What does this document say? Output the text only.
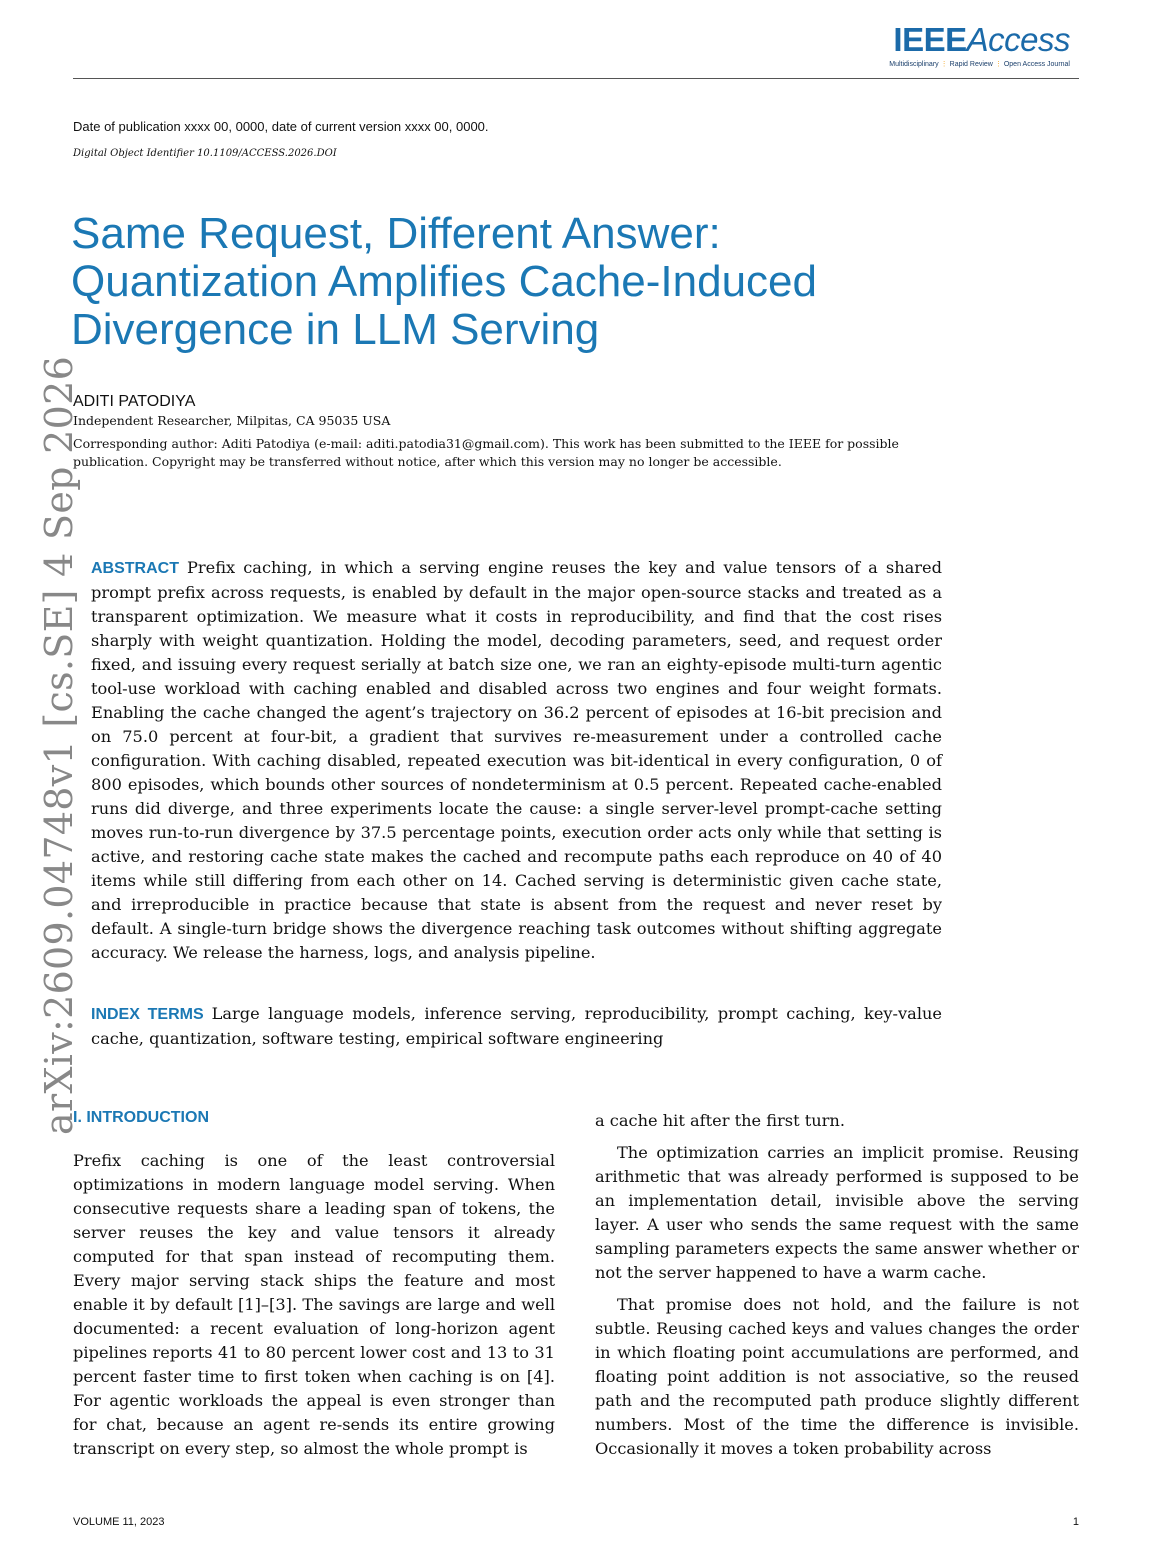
IEEEAccess
Multidisciplinary ⋮ Rapid Review ⋮ Open Access Journal
Date of publication xxxx 00, 0000, date of current version xxxx 00, 0000.
Digital Object Identifier 10.1109/ACCESS.2026.DOI
Same Request, Different Answer:
Quantization Amplifies Cache-Induced
Divergence in LLM Serving
ADITI PATODIYA
Independent Researcher, Milpitas, CA 95035 USA
Corresponding author: Aditi Patodiya (e-mail: aditi.patodia31@gmail.com). This work has been submitted to the IEEE for possible publication. Copyright may be transferred without notice, after which this version may no longer be accessible.
arXiv:2609.04748v1 [cs.SE] 4 Sep 2026 ABSTRACT Prefix caching, in which a serving engine reuses the key and value tensors of a shared prompt prefix across requests, is enabled by default in the major open-source stacks and treated as a transparent optimization. We measure what it costs in reproducibility, and find that the cost rises sharply with weight quantization. Holding the model, decoding parameters, seed, and request order fixed, and issuing every request serially at batch size one, we ran an eighty-episode multi-turn agentic tool-use workload with caching enabled and disabled across two engines and four weight formats. Enabling the cache changed the agent’s trajectory on 36.2 percent of episodes at 16-bit precision and on 75.0 percent at four-bit, a gradient that survives re-measurement under a controlled cache configuration. With caching disabled, repeated execution was bit-identical in every configuration, 0 of 800 episodes, which bounds other sources of nondeterminism at 0.5 percent. Repeated cache-enabled runs did diverge, and three experiments locate the cause: a single server-level prompt-cache setting moves run-to-run divergence by 37.5 percentage points, execution order acts only while that setting is active, and restoring cache state makes the cached and recompute paths each reproduce on 40 of 40 items while still differing from each other on 14. Cached serving is deterministic given cache state, and irreproducible in practice because that state is absent from the request and never reset by default. A single-turn bridge shows the divergence reaching task outcomes without shifting aggregate accuracy. We release the harness, logs, and analysis pipeline.

INDEX TERMS Large language models, inference serving, reproducibility, prompt caching, key-value cache, quantization, software testing, empirical software engineering

I. INTRODUCTION

Prefix caching is one of the least controversial optimizations in modern language model serving. When consecutive requests share a leading span of tokens, the server reuses the key and value tensors it already computed for that span instead of recomputing them. Every major serving stack ships the feature and most enable it by default [1]–[3]. The savings are large and well documented: a recent evaluation of long-horizon agent pipelines reports 41 to 80 percent lower cost and 13 to 31 percent faster time to first token when caching is on [4]. For agentic workloads the appeal is even stronger than for chat, because an agent re-sends its entire growing transcript on every step, so almost the whole prompt is

a cache hit after the first turn.

The optimization carries an implicit promise. Reusing arithmetic that was already performed is supposed to be an implementation detail, invisible above the serving layer. A user who sends the same request with the same sampling parameters expects the same answer whether or not the server happened to have a warm cache.

That promise does not hold, and the failure is not subtle. Reusing cached keys and values changes the order in which floating point accumulations are performed, and floating point addition is not associative, so the reused path and the recomputed path produce slightly different numbers. Most of the time the difference is invisible. Occasionally it moves a token probability across

VOLUME 11, 2023	1
